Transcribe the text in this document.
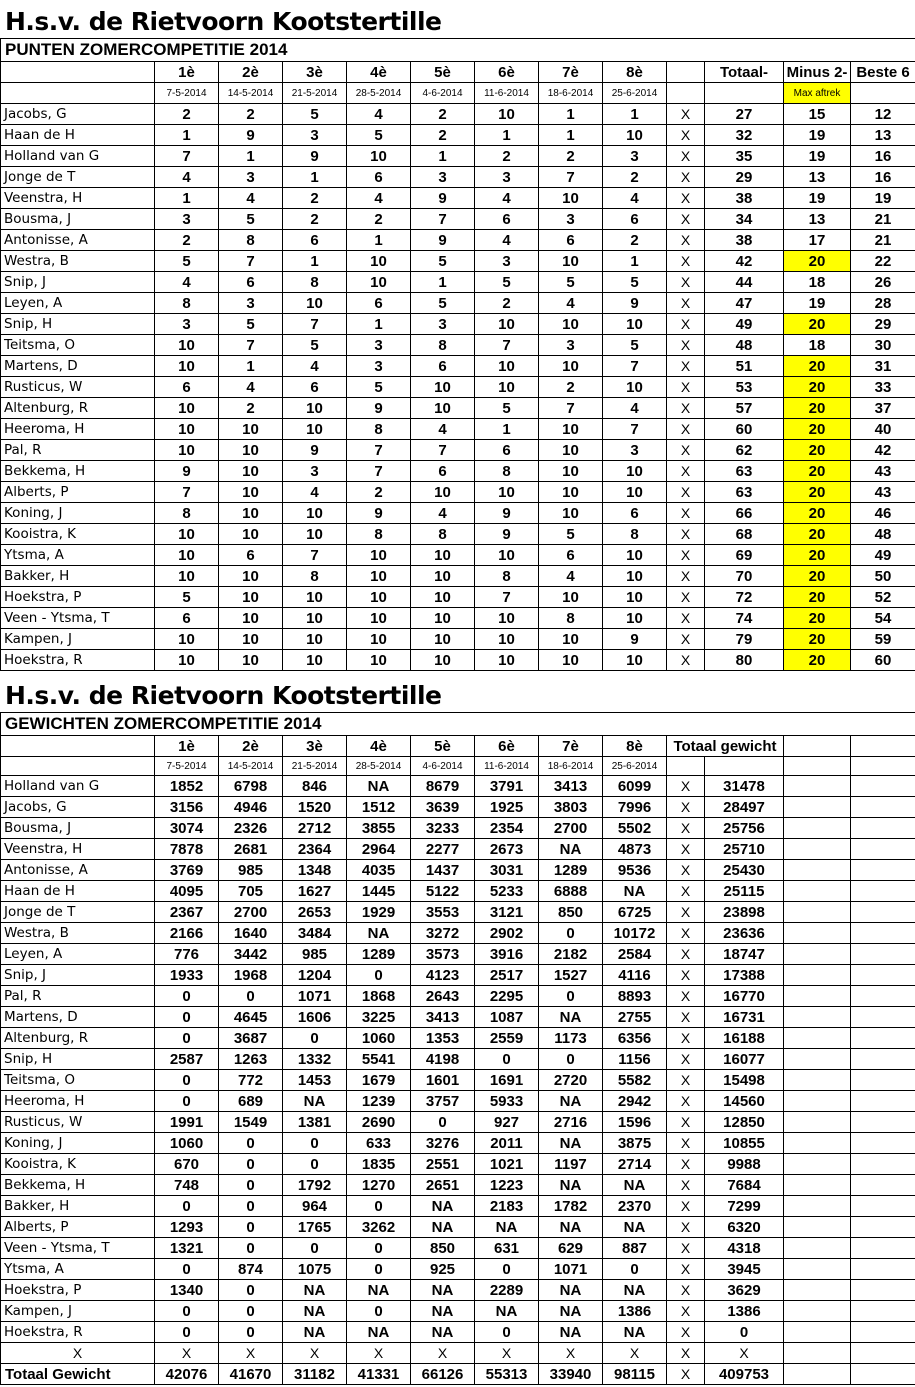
H.s.v. de Rietvoorn Kootstertille
PUNTEN ZOMERCOMPETITIE 2014												
	1è	2è	3è	4è	5è	6è	7è	8è		Totaal-	Minus 2-	Beste 6
	7-5-2014	14-5-2014	21-5-2014	28-5-2014	4-6-2014	11-6-2014	18-6-2014	25-6-2014			Max aftrek	
Jacobs, G	2	2	5	4	2	10	1	1	X	27	15	12
Haan de H	1	9	3	5	2	1	1	10	X	32	19	13
Holland van G	7	1	9	10	1	2	2	3	X	35	19	16
Jonge de T	4	3	1	6	3	3	7	2	X	29	13	16
Veenstra, H	1	4	2	4	9	4	10	4	X	38	19	19
Bousma, J	3	5	2	2	7	6	3	6	X	34	13	21
Antonisse, A	2	8	6	1	9	4	6	2	X	38	17	21
Westra, B	5	7	1	10	5	3	10	1	X	42	20	22
Snip, J	4	6	8	10	1	5	5	5	X	44	18	26
Leyen, A	8	3	10	6	5	2	4	9	X	47	19	28
Snip, H	3	5	7	1	3	10	10	10	X	49	20	29
Teitsma, O	10	7	5	3	8	7	3	5	X	48	18	30
Martens, D	10	1	4	3	6	10	10	7	X	51	20	31
Rusticus, W	6	4	6	5	10	10	2	10	X	53	20	33
Altenburg, R	10	2	10	9	10	5	7	4	X	57	20	37
Heeroma, H	10	10	10	8	4	1	10	7	X	60	20	40
Pal, R	10	10	9	7	7	6	10	3	X	62	20	42
Bekkema, H	9	10	3	7	6	8	10	10	X	63	20	43
Alberts, P	7	10	4	2	10	10	10	10	X	63	20	43
Koning, J	8	10	10	9	4	9	10	6	X	66	20	46
Kooistra, K	10	10	10	8	8	9	5	8	X	68	20	48
Ytsma, A	10	6	7	10	10	10	6	10	X	69	20	49
Bakker, H	10	10	8	10	10	8	4	10	X	70	20	50
Hoekstra, P	5	10	10	10	10	7	10	10	X	72	20	52
Veen - Ytsma, T	6	10	10	10	10	10	8	10	X	74	20	54
Kampen, J	10	10	10	10	10	10	10	9	X	79	20	59
Hoekstra, R	10	10	10	10	10	10	10	10	X	80	20	60
H.s.v. de Rietvoorn Kootstertille
GEWICHTEN ZOMERCOMPETITIE 2014												
	1è	2è	3è	4è	5è	6è	7è	8è	Totaal gewicht			
	7-5-2014	14-5-2014	21-5-2014	28-5-2014	4-6-2014	11-6-2014	18-6-2014	25-6-2014				
Holland van G	1852	6798	846	NA	8679	3791	3413	6099	X	31478		
Jacobs, G	3156	4946	1520	1512	3639	1925	3803	7996	X	28497		
Bousma, J	3074	2326	2712	3855	3233	2354	2700	5502	X	25756		
Veenstra, H	7878	2681	2364	2964	2277	2673	NA	4873	X	25710		
Antonisse, A	3769	985	1348	4035	1437	3031	1289	9536	X	25430		
Haan de H	4095	705	1627	1445	5122	5233	6888	NA	X	25115		
Jonge de T	2367	2700	2653	1929	3553	3121	850	6725	X	23898		
Westra, B	2166	1640	3484	NA	3272	2902	0	10172	X	23636		
Leyen, A	776	3442	985	1289	3573	3916	2182	2584	X	18747		
Snip, J	1933	1968	1204	0	4123	2517	1527	4116	X	17388		
Pal, R	0	0	1071	1868	2643	2295	0	8893	X	16770		
Martens, D	0	4645	1606	3225	3413	1087	NA	2755	X	16731		
Altenburg, R	0	3687	0	1060	1353	2559	1173	6356	X	16188		
Snip, H	2587	1263	1332	5541	4198	0	0	1156	X	16077		
Teitsma, O	0	772	1453	1679	1601	1691	2720	5582	X	15498		
Heeroma, H	0	689	NA	1239	3757	5933	NA	2942	X	14560		
Rusticus, W	1991	1549	1381	2690	0	927	2716	1596	X	12850		
Koning, J	1060	0	0	633	3276	2011	NA	3875	X	10855		
Kooistra, K	670	0	0	1835	2551	1021	1197	2714	X	9988		
Bekkema, H	748	0	1792	1270	2651	1223	NA	NA	X	7684		
Bakker, H	0	0	964	0	NA	2183	1782	2370	X	7299		
Alberts, P	1293	0	1765	3262	NA	NA	NA	NA	X	6320		
Veen - Ytsma, T	1321	0	0	0	850	631	629	887	X	4318		
Ytsma, A	0	874	1075	0	925	0	1071	0	X	3945		
Hoekstra, P	1340	0	NA	NA	NA	2289	NA	NA	X	3629		
Kampen, J	0	0	NA	0	NA	NA	NA	1386	X	1386		
Hoekstra, R	0	0	NA	NA	NA	0	NA	NA	X	0		
X	X	X	X	X	X	X	X	X	X	X		
Totaal Gewicht	42076	41670	31182	41331	66126	55313	33940	98115	X	409753		
